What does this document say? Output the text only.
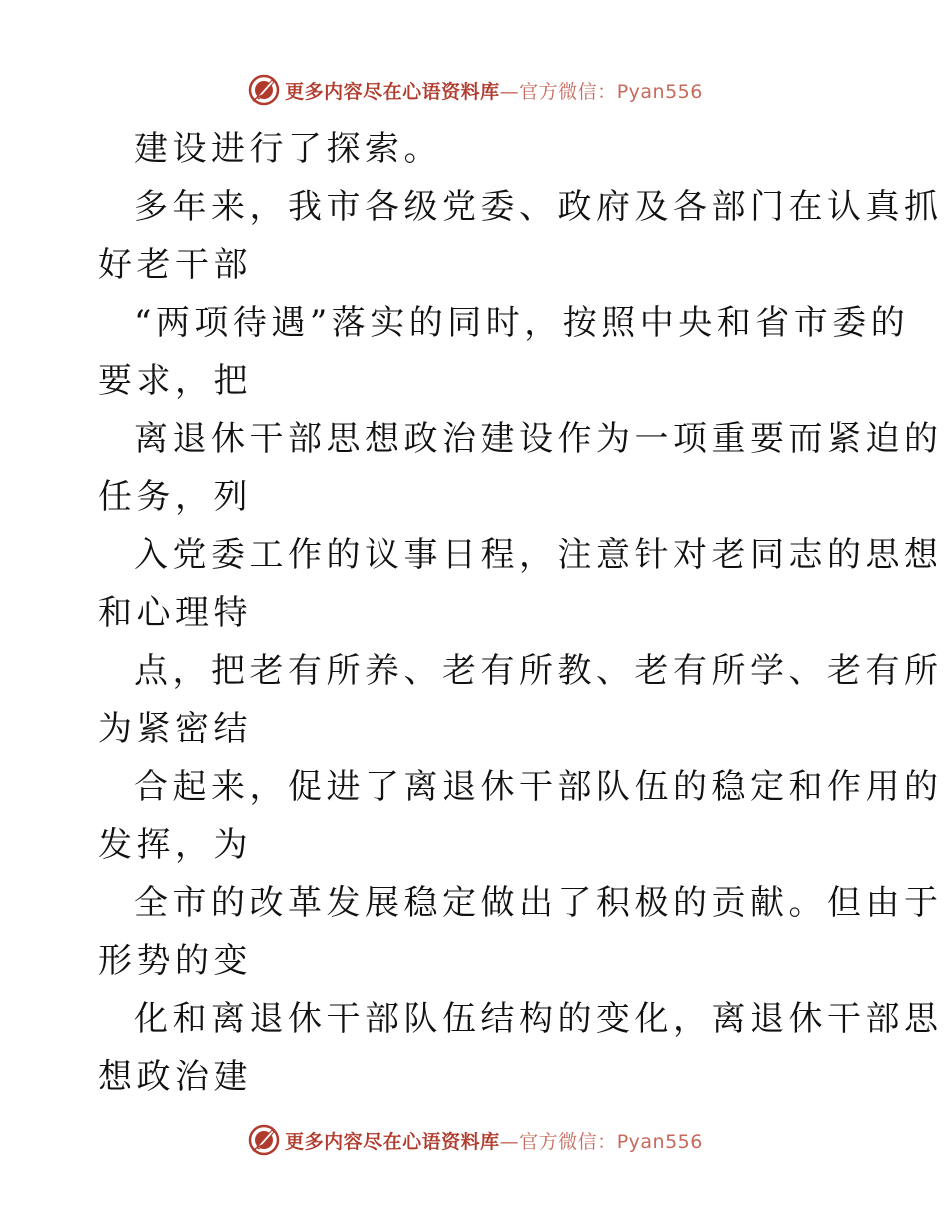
更多内容尽在心语资料库—官方微信：Pyan556
建设进行了探索。
多年来，我市各级党委、政府及各部门在认真抓
好老干部
“两项待遇”落实的同时，按照中央和省市委的
要求，把
离退休干部思想政治建设作为一项重要而紧迫的
任务，列
入党委工作的议事日程，注意针对老同志的思想
和心理特
点，把老有所养、老有所教、老有所学、老有所
为紧密结
合起来，促进了离退休干部队伍的稳定和作用的
发挥，为
全市的改革发展稳定做出了积极的贡献。但由于
形势的变
化和离退休干部队伍结构的变化，离退休干部思
想政治建
更多内容尽在心语资料库—官方微信：Pyan556
